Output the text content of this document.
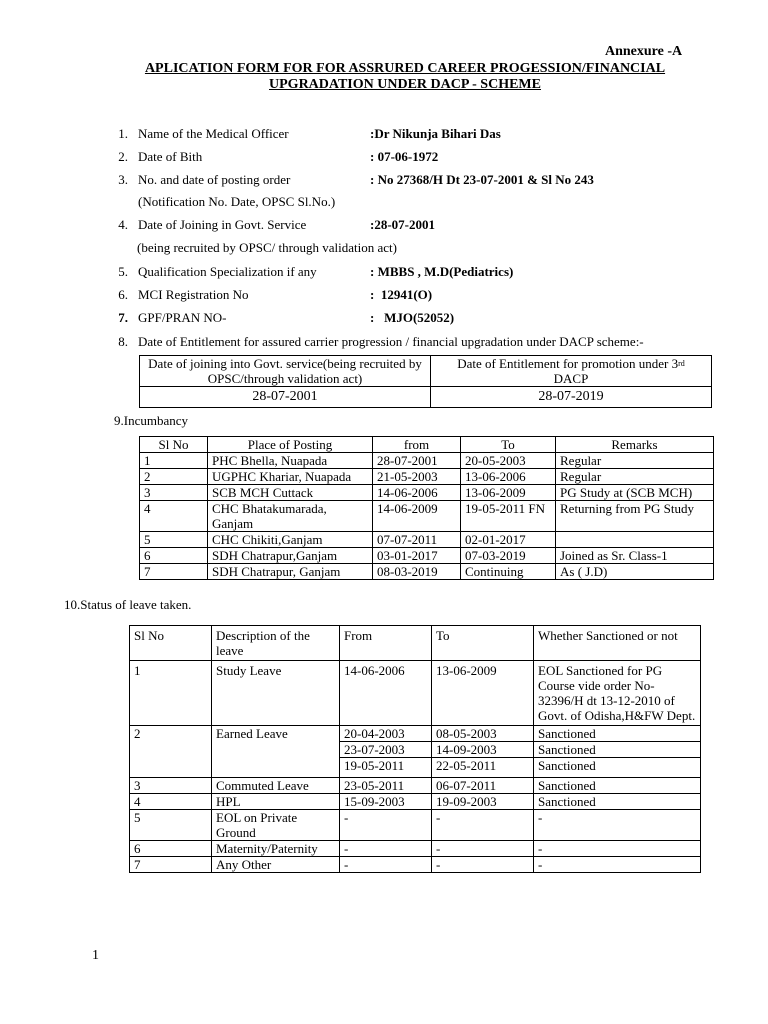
Annexure -A
APLICATION FORM FOR FOR ASSRURED CAREER PROGESSION/FINANCIAL
UPGRADATION UNDER DACP - SCHEME
1. Name of the Medical Officer	:Dr Nikunja Bihari Das
2. Date of Bith	: 07-06-1972
3. No. and date of posting order	: No 27368/H Dt 23-07-2001 & Sl No 243
(Notification No. Date, OPSC Sl.No.)
4. Date of Joining in Govt. Service	:28-07-2001
(being recruited by OPSC/ through validation act)
5. Qualification Specialization if any	: MBBS , M.D(Pediatrics)
6. MCI Registration No	:  12941(O)
7. GPF/PRAN NO-	:   MJO(52052)
8. Date of Entitlement for assured carrier progression / financial upgradation under DACP scheme:-
Date of joining into Govt. service(being recruited by OPSC/through validation act)	Date of Entitlement for promotion under 3rd
DACP
28-07-2001	28-07-2019
9.Incumbancy
Sl No	Place of Posting	from	To	Remarks
1	PHC Bhella, Nuapada	28-07-2001	20-05-2003	Regular
2	UGPHC Khariar, Nuapada	21-05-2003	13-06-2006	Regular
3	SCB MCH Cuttack	14-06-2006	13-06-2009	PG Study at (SCB MCH)
4	CHC Bhatakumarada, Ganjam	14-06-2009	19-05-2011 FN	Returning from PG Study
5	CHC Chikiti,Ganjam	07-07-2011	02-01-2017	
6	SDH Chatrapur,Ganjam	03-01-2017	07-03-2019	Joined as Sr. Class-1
7	SDH Chatrapur, Ganjam	08-03-2019	Continuing	As ( J.D)
10.Status of leave taken.
Sl No	Description of the leave	From	To	Whether Sanctioned or not
1	Study Leave	14-06-2006	13-06-2009	EOL Sanctioned for PG Course vide order No-32396/H dt 13-12-2010 of Govt. of Odisha,H&FW Dept.
2	Earned Leave	20-04-2003	08-05-2003	Sanctioned
		23-07-2003	14-09-2003	Sanctioned
		19-05-2011	22-05-2011	Sanctioned
3	Commuted Leave	23-05-2011	06-07-2011	Sanctioned
4	HPL	15-09-2003	19-09-2003	Sanctioned
5	EOL on Private Ground	-	-	-
6	Maternity/Paternity	-	-	-
7	Any Other	-	-	-
1
